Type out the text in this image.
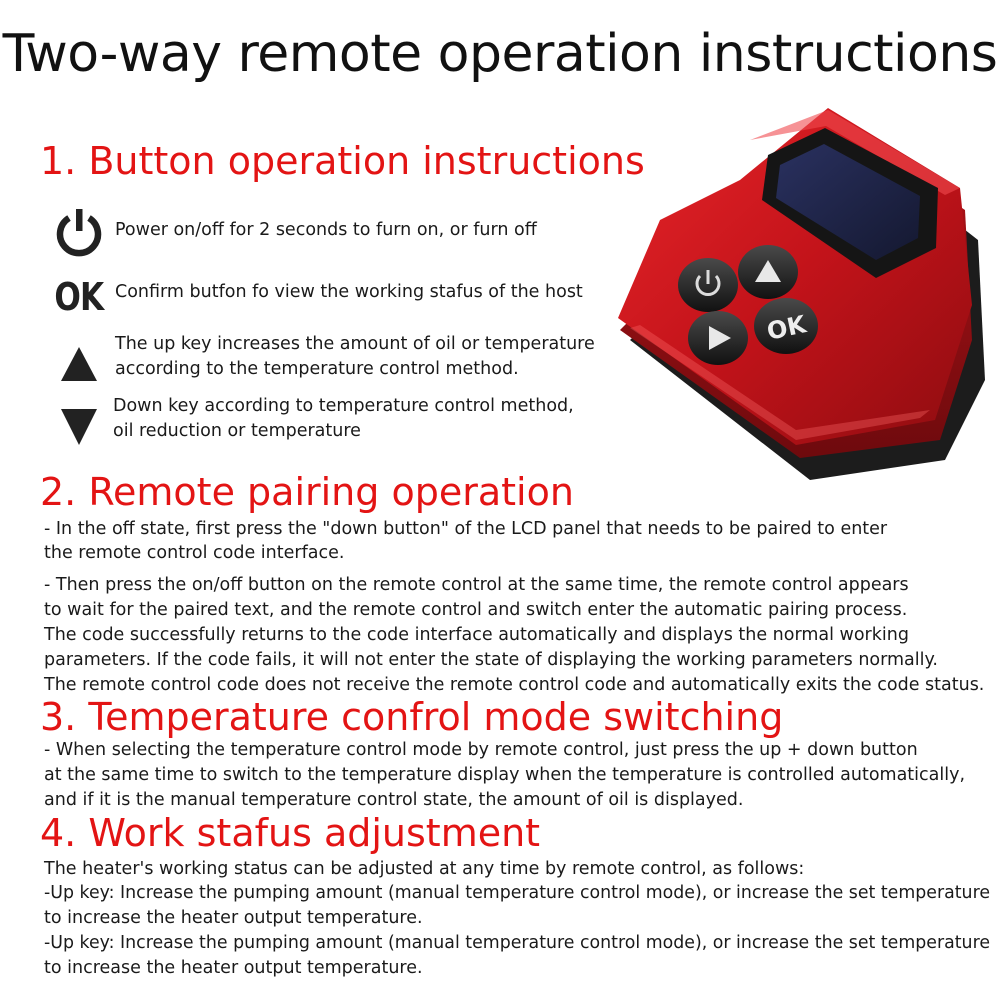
Two-way remote operation instructions
1. Button operation instructions
Power on/off for 2 seconds to furn on, or furn off
OK Confirm butfon fo view the working stafus of the host
The up key increases the amount of oil or temperature
according to the temperature control method.
Down key according to temperature control method,
oil reduction or temperature
OK
2. Remote pairing operation

- In the off state, first press the "down button" of the LCD panel that needs to be paired to enter

the remote control code interface.

- Then press the on/off button on the remote control at the same time, the remote control appears

to wait for the paired text, and the remote control and switch enter the automatic pairing process.

The code successfully returns to the code interface automatically and displays the normal working

parameters. If the code fails, it will not enter the state of displaying the working parameters normally.

The remote control code does not receive the remote control code and automatically exits the code status.

3. Temperature confrol mode switching

- When selecting the temperature control mode by remote control, just press the up + down button

at the same time to switch to the temperature display when the temperature is controlled automatically,

and if it is the manual temperature control state, the amount of oil is displayed.

4. Work stafus adjustment

The heater's working status can be adjusted at any time by remote control, as follows:

-Up key: Increase the pumping amount (manual temperature control mode), or increase the set temperature

to increase the heater output temperature.

-Up key: Increase the pumping amount (manual temperature control mode), or increase the set temperature

to increase the heater output temperature.
